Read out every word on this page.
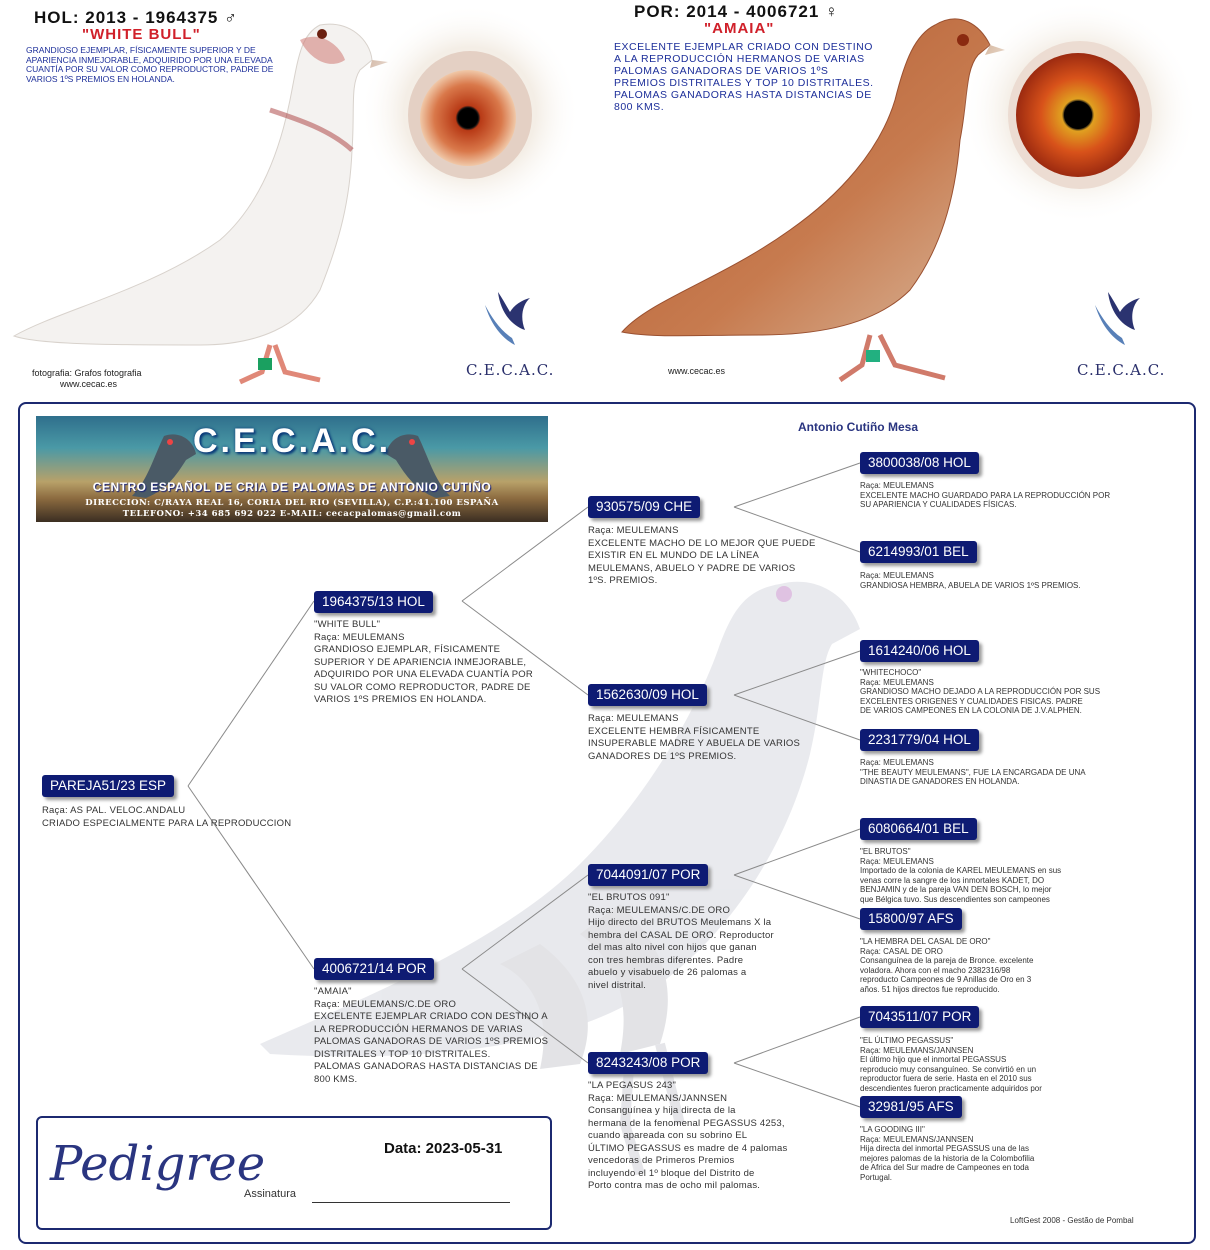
HOL: 2013 - 1964375 ♂
"WHITE BULL"
GRANDIOSO EJEMPLAR, FÍSICAMENTE SUPERIOR Y DE APARIENCIA INMEJORABLE, ADQUIRIDO POR UNA ELEVADA CUANTÍA POR SU VALOR COMO REPRODUCTOR, PADRE DE VARIOS 1ºS PREMIOS EN HOLANDA.
fotografia: Grafos fotografia
www.cecac.es
C.E.C.A.C.
POR: 2014 - 4006721 ♀
"AMAIA"
EXCELENTE EJEMPLAR CRIADO CON DESTINO A LA REPRODUCCIÓN HERMANOS DE VARIAS PALOMAS GANADORAS DE VARIOS 1ºS PREMIOS DISTRITALES Y TOP 10 DISTRITALES. PALOMAS GANADORAS HASTA DISTANCIAS DE 800 KMS.
www.cecac.es	C.E.C.A.C.
C.E.C.A.C.
CENTRO ESPAÑOL DE CRIA DE PALOMAS DE ANTONIO CUTIÑO
DIRECCION: C/RAYA REAL 16, CORIA DEL RIO (SEVILLA), C.P.:41.100 ESPAÑA
TELEFONO: +34 685 692 022 E-MAIL: cecacpalomas@gmail.com
Antonio Cutiño Mesa
PAREJA51/23 ESP
Raça: AS PAL. VELOC.ANDALU
CRIADO ESPECIALMENTE PARA LA REPRODUCCION
1964375/13 HOL
"WHITE BULL"
Raça: MEULEMANS
GRANDIOSO EJEMPLAR, FÍSICAMENTE
SUPERIOR Y DE APARIENCIA INMEJORABLE,
ADQUIRIDO POR UNA ELEVADA CUANTÍA POR
SU VALOR COMO REPRODUCTOR, PADRE DE
VARIOS 1ºS PREMIOS EN HOLANDA.
4006721/14 POR
"AMAIA"
Raça: MEULEMANS/C.DE ORO
EXCELENTE EJEMPLAR CRIADO CON DESTINO A
LA REPRODUCCIÓN HERMANOS DE VARIAS
PALOMAS GANADORAS DE VARIOS 1ºS PREMIOS
DISTRITALES Y TOP 10 DISTRITALES.
PALOMAS GANADORAS HASTA DISTANCIAS DE
800 KMS.
930575/09 CHE
Raça: MEULEMANS
EXCELENTE MACHO DE LO MEJOR QUE PUEDE
EXISTIR EN EL MUNDO DE LA LÍNEA
MEULEMANS, ABUELO Y PADRE DE VARIOS
1ºS. PREMIOS.
1562630/09 HOL
Raça: MEULEMANS
EXCELENTE HEMBRA FÍSICAMENTE
INSUPERABLE MADRE Y ABUELA DE VARIOS
GANADORES DE 1ºS PREMIOS.
7044091/07 POR
"EL BRUTOS 091"
Raça: MEULEMANS/C.DE ORO
Hijo directo del BRUTOS Meulemans X la
hembra del CASAL DE ORO. Reproductor
del mas alto nivel con hijos que ganan
con tres hembras diferentes. Padre
abuelo y visabuelo de 26 palomas a
nivel distrital.
8243243/08 POR
"LA PEGASUS 243"
Raça: MEULEMANS/JANNSEN
Consanguínea y hija directa de la
hermana de la fenomenal PEGASSUS 4253,
cuando apareada con su sobrino EL
ÚLTIMO PEGASSUS es madre de 4 palomas
vencedoras de Primeros Premios
incluyendo el 1º bloque del Distrito de
Porto contra mas de ocho mil palomas.
3800038/08 HOL
Raça: MEULEMANS
EXCELENTE MACHO GUARDADO PARA LA REPRODUCCIÓN POR
SU APARIENCIA Y CUALIDADES FÍSICAS.
6214993/01 BEL
Raça: MEULEMANS
GRANDIOSA HEMBRA, ABUELA DE VARIOS 1ºS PREMIOS.
1614240/06 HOL
"WHITECHOCO"
Raça: MEULEMANS
GRANDIOSO MACHO DEJADO A LA REPRODUCCIÓN POR SUS
EXCELENTES ORIGENES Y CUALIDADES FISICAS. PADRE
DE VARIOS CAMPEONES EN LA COLONIA DE J.V.ALPHEN.
2231779/04 HOL
Raça: MEULEMANS
"THE BEAUTY MEULEMANS", FUE LA ENCARGADA DE UNA
DINASTIA DE GANADORES EN HOLANDA.
6080664/01 BEL
"EL BRUTOS"
Raça: MEULEMANS
Importado de la colonia de KAREL MEULEMANS en sus
venas corre la sangre de los inmortales KADET, DO
BENJAMIN y de la pareja VAN DEN BOSCH, lo mejor
que Bélgica tuvo. Sus descendientes son campeones
15800/97 AFS
"LA HEMBRA DEL CASAL DE ORO"
Raça: CASAL DE ORO
Consanguínea de la pareja de Bronce. excelente
voladora. Ahora con el macho 2382316/98
reproducto Campeones de 9 Anillas de Oro en 3
años. 51 hijos directos fue reproducido.
7043511/07 POR
"EL ÚLTIMO PEGASSUS"
Raça: MEULEMANS/JANNSEN
El último hijo que el inmortal PEGASSUS
reproducio muy consanguíneo. Se convirtió en un
reproductor fuera de serie. Hasta en el 2010 sus
descendientes fueron practicamente adquiridos por
32981/95 AFS
"LA GOODING III"
Raça: MEULEMANS/JANNSEN
Hija directa del inmortal PEGASSUS una de las
mejores palomas de la historia de la Colombofilia
de Africa del Sur madre de Campeones en toda
Portugal.
Pedigree	Data: 2023-05-31
Assinatura
LoftGest 2008 - Gestão de Pombal
